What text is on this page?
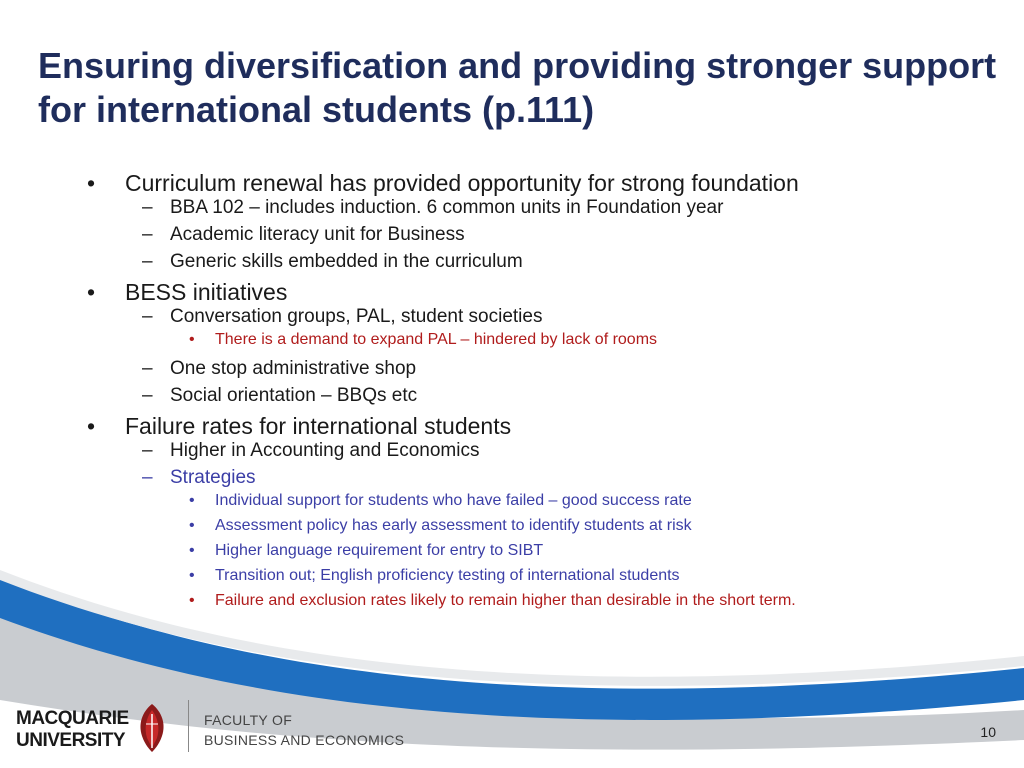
Ensuring diversification and providing stronger support for international students (p.111)
• Curriculum renewal has provided opportunity for strong foundation
– BBA 102 – includes induction. 6 common units in Foundation year
– Academic literacy unit for Business
– Generic skills embedded in the curriculum
• BESS initiatives
– Conversation groups, PAL, student societies
• There is a demand to expand PAL – hindered by lack of rooms
– One stop administrative shop
– Social orientation – BBQs etc
• Failure rates for international students
– Higher in Accounting and Economics
– Strategies
• Individual support for students who have failed – good success rate
• Assessment policy has early assessment to identify students at risk
• Higher language requirement for entry to SIBT
• Transition out; English proficiency testing of international students
• Failure and exclusion rates likely to remain higher than desirable in the short term.
MACQUARIE
UNIVERSITY
FACULTY OF
BUSINESS AND ECONOMICS	10
